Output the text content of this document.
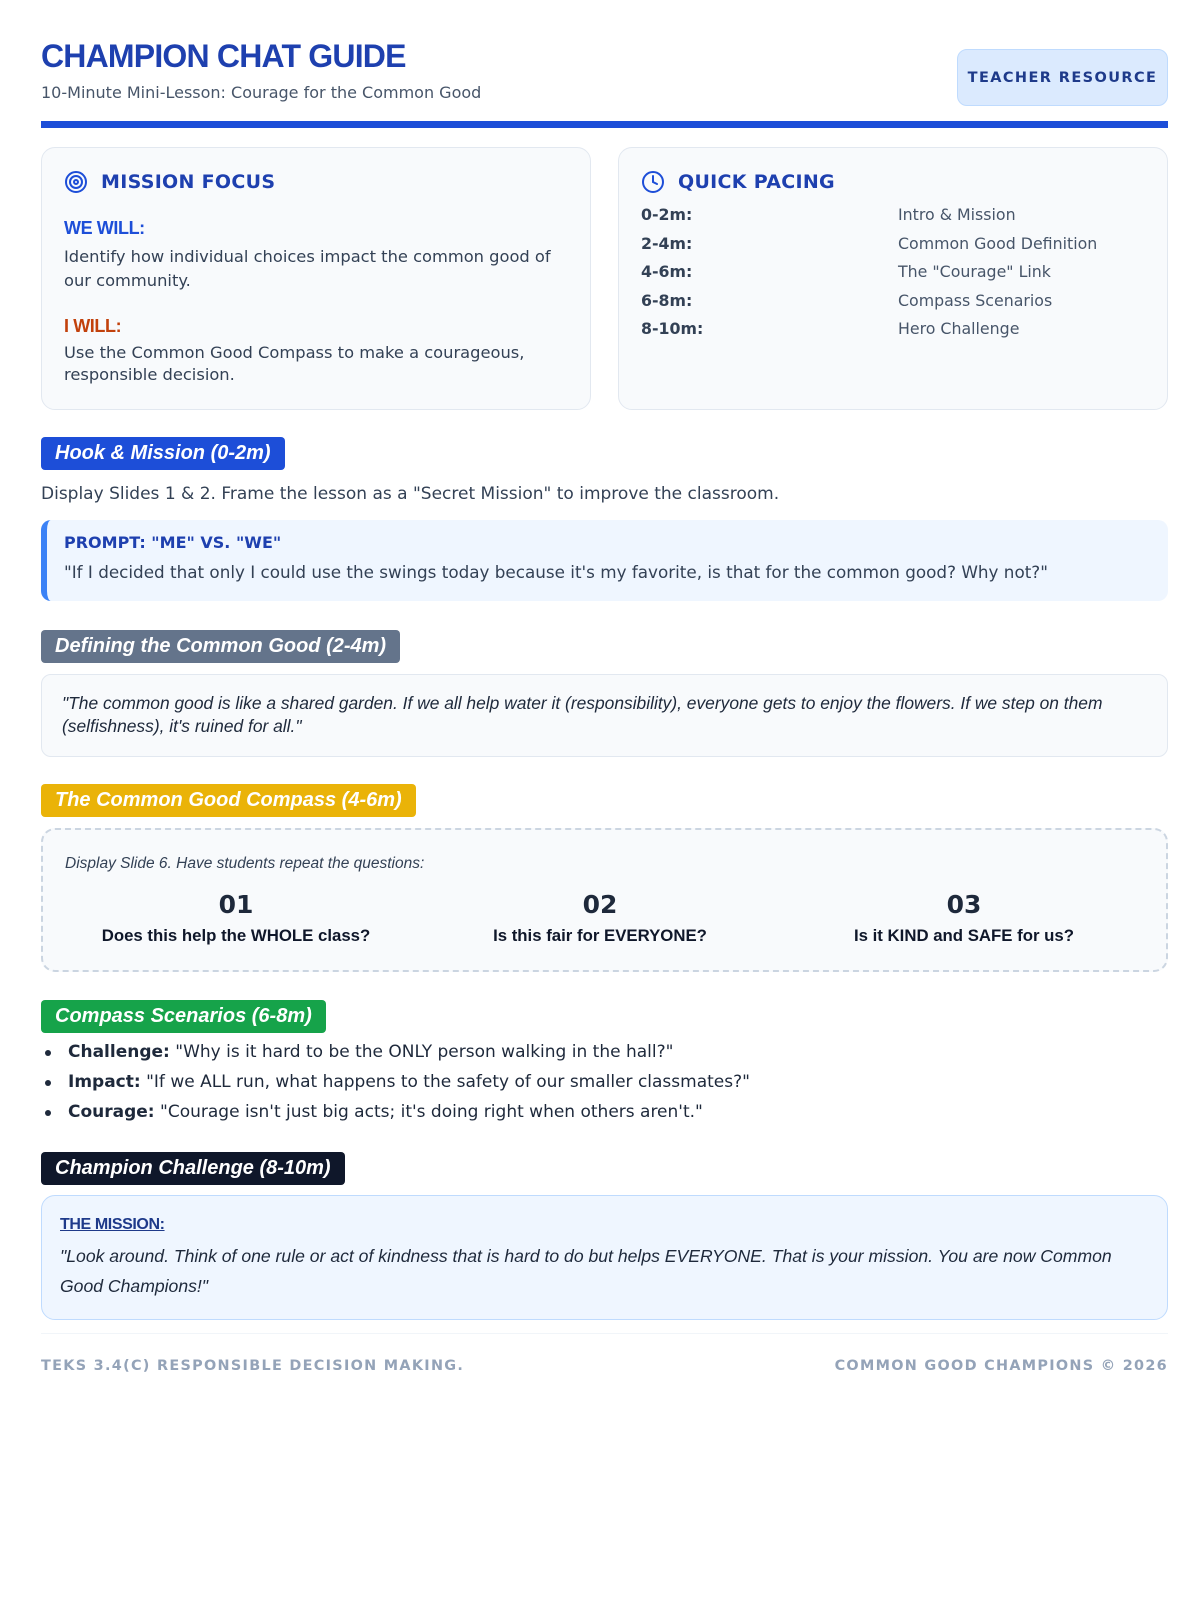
CHAMPION CHAT GUIDE
10-Minute Mini-Lesson: Courage for the Common Good
TEACHER RESOURCE
MISSION FOCUS
WE WILL:
Identify how individual choices impact the common good of our community.
I WILL:
Use the Common Good Compass to make a courageous, responsible decision.
QUICK PACING
0-2m:	Intro & Mission
2-4m:	Common Good Definition
4-6m:	The "Courage" Link
6-8m:	Compass Scenarios
8-10m:	Hero Challenge
Hook & Mission (0-2m)
Display Slides 1 & 2. Frame the lesson as a "Secret Mission" to improve the classroom.
PROMPT: "ME" VS. "WE"
"If I decided that only I could use the swings today because it's my favorite, is that for the common good? Why not?"
Defining the Common Good (2-4m)
"The common good is like a shared garden. If we all help water it (responsibility), everyone gets to enjoy the flowers. If we step on them (selfishness), it's ruined for all."
The Common Good Compass (4-6m)
Display Slide 6. Have students repeat the questions:
01
Does this help the WHOLE class?
02
Is this fair for EVERYONE?
03
Is it KIND and SAFE for us?
Compass Scenarios (6-8m)
Challenge: "Why is it hard to be the ONLY person walking in the hall?"
Impact: "If we ALL run, what happens to the safety of our smaller classmates?"
Courage: "Courage isn't just big acts; it's doing right when others aren't."
Champion Challenge (8-10m)
THE MISSION:
"Look around. Think of one rule or act of kindness that is hard to do but helps EVERYONE. That is your mission. You are now Common Good Champions!"
TEKS 3.4(C) RESPONSIBLE DECISION MAKING.	COMMON GOOD CHAMPIONS © 2026
